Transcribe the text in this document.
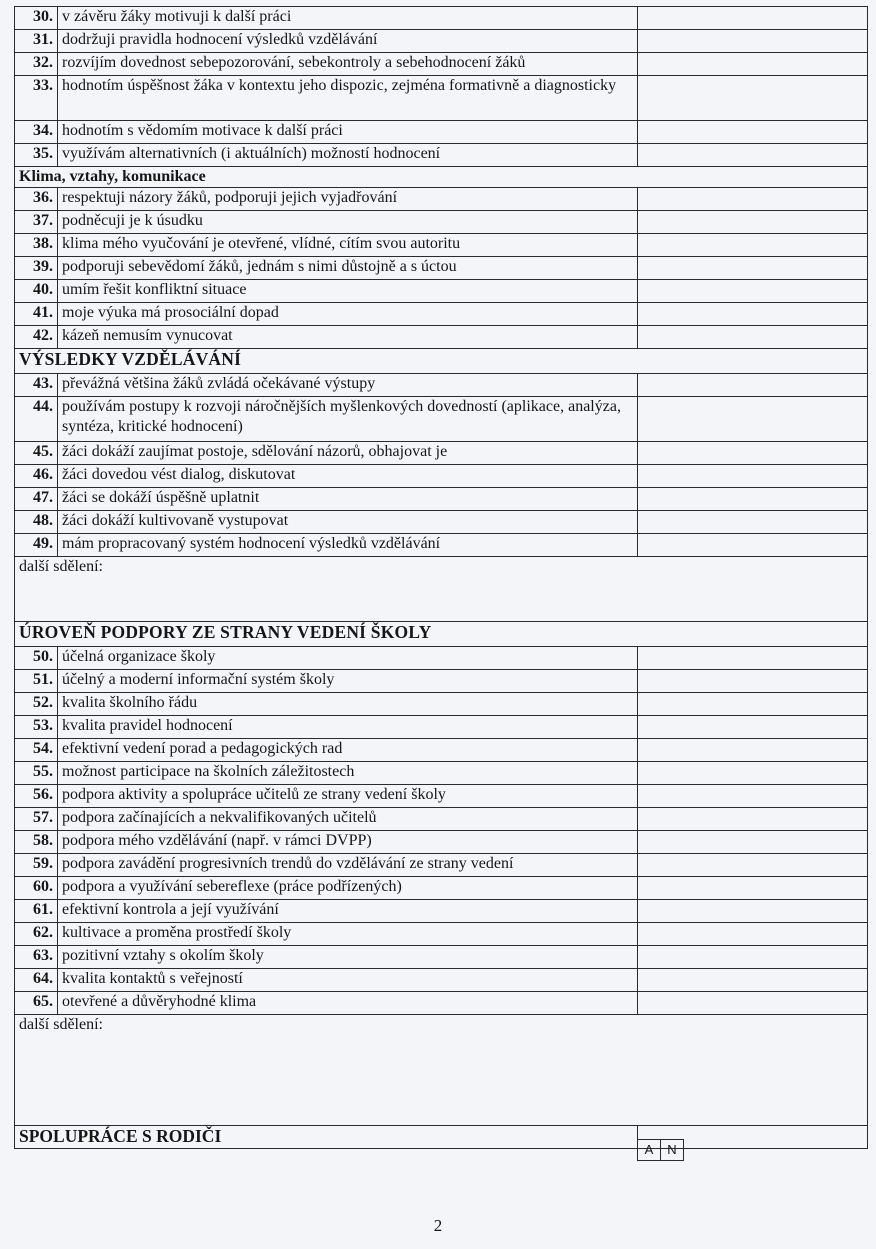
30.	v závěru žáky motivuji k další práci	
31.	dodržuji pravidla hodnocení výsledků vzdělávání	
32.	rozvíjím dovednost sebepozorování, sebekontroly a sebehodnocení žáků	
33.	hodnotím úspěšnost žáka v kontextu jeho dispozic, zejména formativně a diagnosticky	
34.	hodnotím s vědomím motivace k další práci	
35.	využívám alternativních (i aktuálních) možností hodnocení	
Klima, vztahy, komunikace		
36.	respektuji názory žáků, podporuji jejich vyjadřování	
37.	podněcuji je k úsudku	
38.	klima mého vyučování je otevřené, vlídné, cítím svou autoritu	
39.	podporuji sebevědomí žáků, jednám s nimi důstojně a s úctou	
40.	umím řešit konfliktní situace	
41.	moje výuka má prosociální dopad	
42.	kázeň nemusím vynucovat	
VÝSLEDKY VZDĚLÁVÁNÍ		
43.	převážná většina žáků zvládá očekávané výstupy	
44.	používám postupy k rozvoji náročnějších myšlenkových dovedností (aplikace, analýza, syntéza, kritické hodnocení)	
45.	žáci dokáží zaujímat postoje, sdělování názorů, obhajovat je	
46.	žáci dovedou vést dialog, diskutovat	
47.	žáci se dokáží úspěšně uplatnit	
48.	žáci dokáží kultivovaně vystupovat	
49.	mám propracovaný systém hodnocení výsledků vzdělávání	
další sdělení:		
ÚROVEŇ PODPORY ZE STRANY VEDENÍ ŠKOLY		
50.	účelná organizace školy	
51.	účelný a moderní informační systém školy	
52.	kvalita školního řádu	
53.	kvalita pravidel hodnocení	
54.	efektivní vedení porad a pedagogických rad	
55.	možnost participace na školních záležitostech	
56.	podpora aktivity a spolupráce učitelů ze strany vedení školy	
57.	podpora začínajících a nekvalifikovaných učitelů	
58.	podpora mého vzdělávání (např. v rámci DVPP)	
59.	podpora zavádění progresivních trendů do vzdělávání ze strany vedení	
60.	podpora a využívání sebereflexe (práce podřízených)	
61.	efektivní kontrola a její využívání	
62.	kultivace a proměna prostředí školy	
63.	pozitivní vztahy s okolím školy	
64.	kvalita kontaktů s veřejností	
65.	otevřené a důvěryhodné klima	
další sdělení:		
SPOLUPRÁCE S RODIČI		
A	N
2
